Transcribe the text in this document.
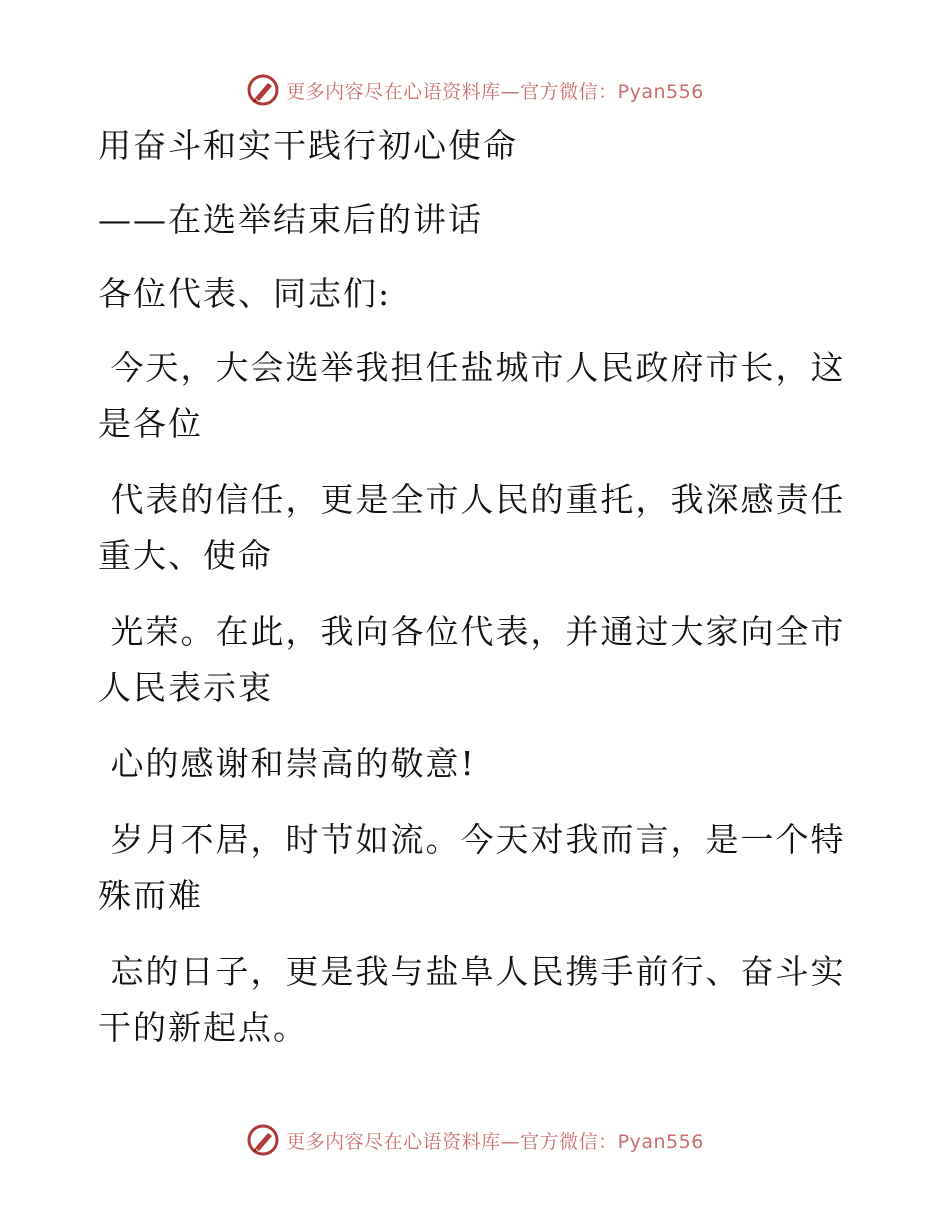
更多内容尽在心语资料库—官方微信：Pyan556

用奋斗和实干践行初心使命

——在选举结束后的讲话

各位代表、同志们:

今天，大会选举我担任盐城市人民政府市长，这

是各位

代表的信任，更是全市人民的重托，我深感责任

重大、使命

光荣。在此，我向各位代表，并通过大家向全市

人民表示衷

心的感谢和崇高的敬意!

岁月不居，时节如流。今天对我而言，是一个特

殊而难

忘的日子，更是我与盐阜人民携手前行、奋斗实

干的新起点。

更多内容尽在心语资料库—官方微信：Pyan556
